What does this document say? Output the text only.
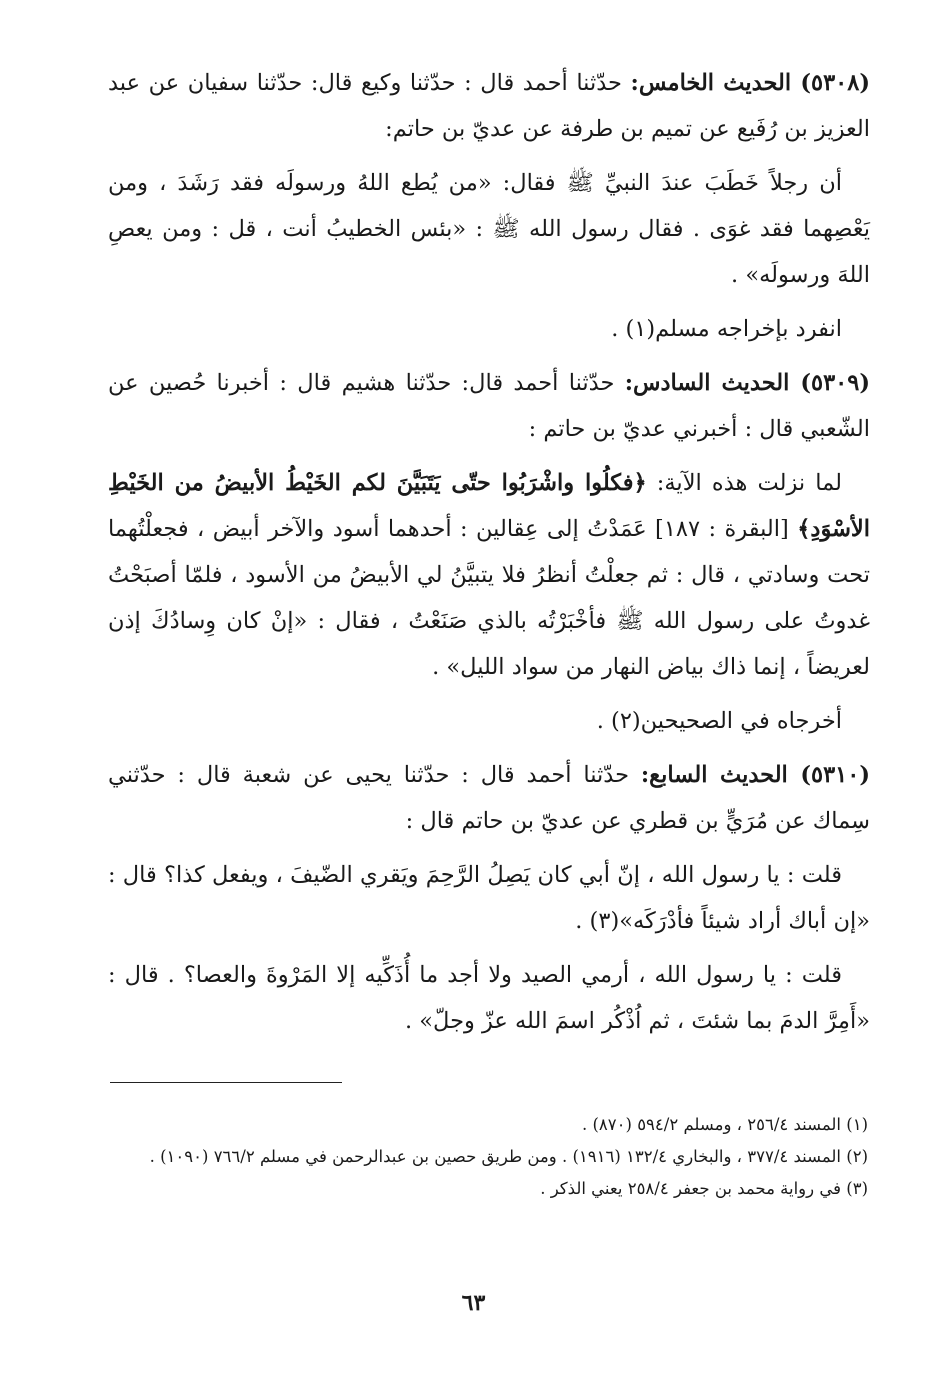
(٥٣٠٨) الحديث الخامس: حدّثنا أحمد قال : حدّثنا وكيع قال: حدّثنا سفيان عن عبد العزيز بن رُفَيع عن تميم بن طرفة عن عديّ بن حاتم:

أن رجلاً خَطَبَ عندَ النبيِّ ﷺ فقال: «من يُطع اللهُ ورسولَه فقد رَشَدَ ، ومن يَعْصِهما فقد غوَى . فقال رسول الله ﷺ : «بئس الخطيبُ أنت ، قل : ومن يعصِ اللهَ ورسولَه» .

انفرد بإخراجه مسلم(١) .

(٥٣٠٩) الحديث السادس: حدّثنا أحمد قال: حدّثنا هشيم قال : أخبرنا حُصين عن الشّعبي قال : أخبرني عديّ بن حاتم :

لما نزلت هذه الآية: ﴿فكلُوا واشْرَبُوا حتّى يَتَبَيَّنَ لكم الخَيْطُ الأبيضُ من الخَيْطِ الأسْوَدِ﴾ [البقرة : ١٨٧] عَمَدْتُ إلى عِقالين : أحدهما أسود والآخر أبيض ، فجعلْتُهما تحت وسادتي ، قال : ثم جعلْتُ أنظرُ فلا يتبيَّنُ لي الأبيضُ من الأسود ، فلمّا أصبَحْتُ غدوتُ على رسول الله ﷺ فأخْبَرْتُه بالذي صَنَعْتُ ، فقال : «إنْ كان وِسادُكَ إذن لعريضاً ، إنما ذاك بياض النهار من سواد الليل» .

أخرجاه في الصحيحين(٢) .

(٥٣١٠) الحديث السابع: حدّثنا أحمد قال : حدّثنا يحيى عن شعبة قال : حدّثني سِماك عن مُرَيٍّ بن قطري عن عديّ بن حاتم قال :

قلت : يا رسول الله ، إنّ أبي كان يَصِلُ الرَّحِمَ ويَقري الضّيفَ ، ويفعل كذا؟ قال : «إن أباك أراد شيئاً فأدْرَكَه»(٣) .

قلت : يا رسول الله ، أرمي الصيد ولا أجد ما أُذَكِّيه إلا المَرْوةَ والعصا؟ . قال : «أَمِرَّ الدمَ بما شئتَ ، ثم اُذْكُر اسمَ الله عزّ وجلّ» .

(١) المسند ٢٥٦/٤ ، ومسلم ٥٩٤/٢ (٨٧٠) .

(٢) المسند ٣٧٧/٤ ، والبخاري ١٣٢/٤ (١٩١٦) . ومن طريق حصين بن عبدالرحمن في مسلم ٧٦٦/٢ (١٠٩٠) .

(٣) في رواية محمد بن جعفر ٢٥٨/٤ يعني الذكر .

٦٣
